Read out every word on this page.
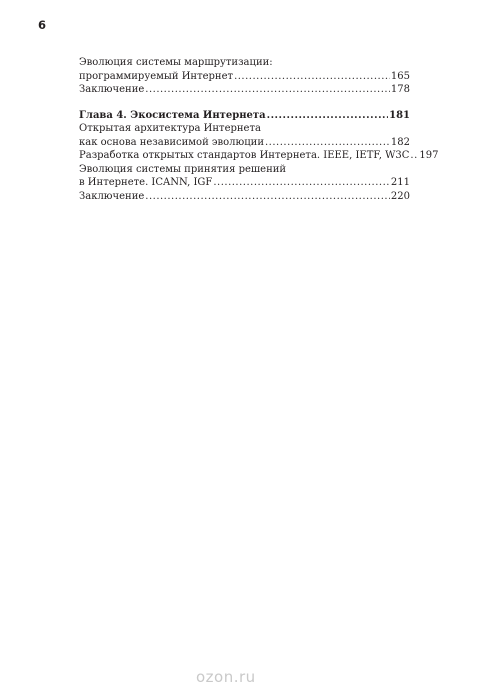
6
Эволюция системы маршрутизации:
программируемый Интернет .....	165
Заключение .....	178
Глава 4. Экосистема Интернета .....	181
Открытая архитектура Интернета
как основа независимой эволюции .....	182
Разработка открытых стандартов Интернета. IEEE, IETF, W3C ..... 197
Эволюция системы принятия решений
в Интернете. ICANN, IGF .....	211
Заключение .....	220
ozon.ru
